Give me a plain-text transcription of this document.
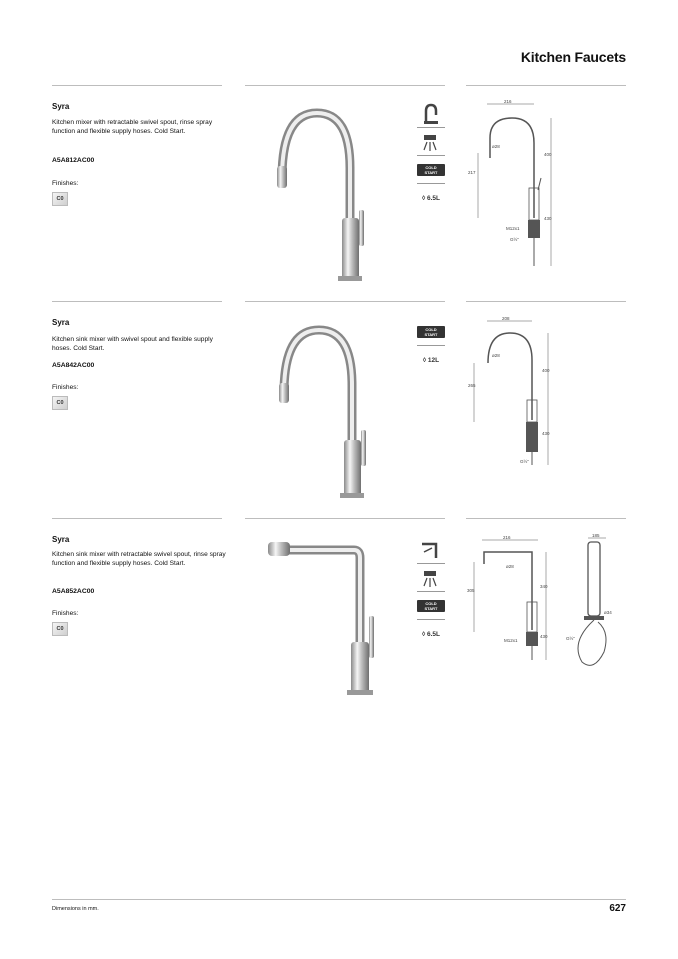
Kitchen Faucets
Syra
Kitchen mixer with retractable swivel spout, rinse spray function and flexible supply hoses. Cold Start.
A5A812AC00
Finishes:
C0
COLD START
◊ 6.5L
216
400
430
217
ø28
M12x1
G½"
Syra
Kitchen sink mixer with swivel spout and flexible supply hoses. Cold Start.
A5A842AC00
Finishes:
C0
COLD START
◊ 12L
208
400
430
265
ø28
G½"
Syra
Kitchen sink mixer with retractable swivel spout, rinse spray function and flexible supply hoses. Cold Start.
A5A852AC00
Finishes:
C0
COLD START
◊ 6.5L
216
340
430
305
ø28
M12x1
185
ø34
G½"
Dimensions in mm.	627
